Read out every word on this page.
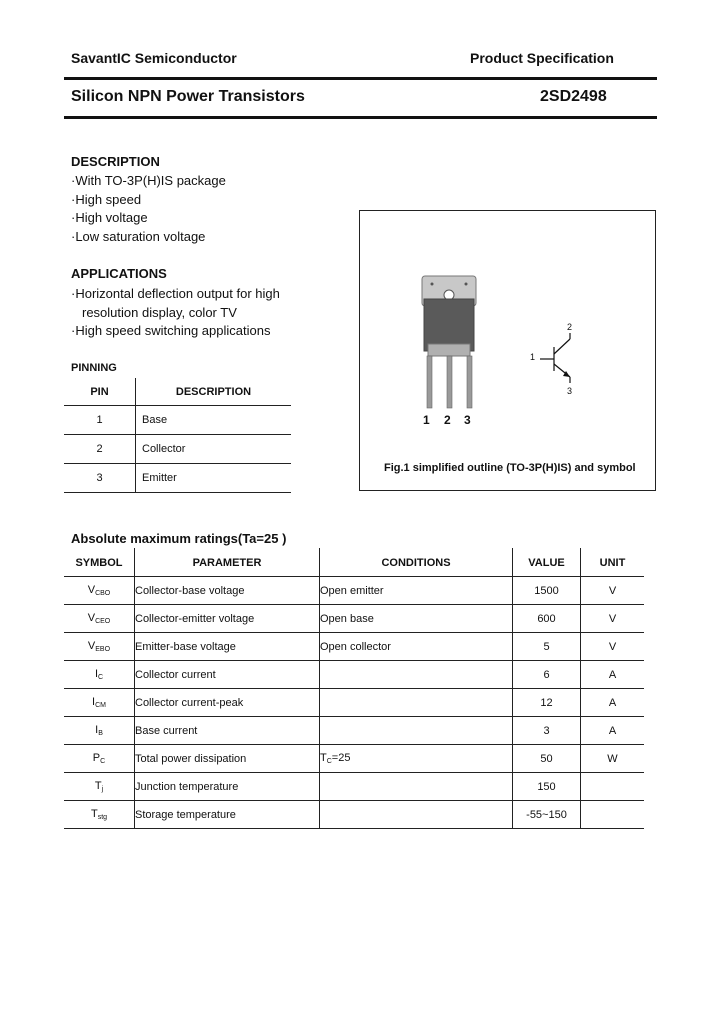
SavantIC Semiconductor	Product Specification
Silicon NPN Power Transistors	2SD2498
DESCRIPTION
·With TO-3P(H)IS package
·High speed
·High voltage
·Low saturation voltage
APPLICATIONS
·Horizontal deflection output for high
resolution display, color TV
·High speed switching applications
PINNING
PIN	DESCRIPTION
1	Base
2	Collector
3	Emitter
1 2 3
1
2
3
Fig.1 simplified outline (TO-3P(H)IS) and symbol
Absolute maximum ratings(Ta=25 )
SYMBOL	PARAMETER	CONDITIONS	VALUE	UNIT
$V_{CBO}$	Collector-base voltage	Open emitter	1500	V
$V_{CEO}$	Collector-emitter voltage	Open base	600	V
$V_{EBO}$	Emitter-base voltage	Open collector	5	V
$I_C$	Collector current		6	A
$I_{CM}$	Collector current-peak		12	A
$I_B$	Base current		3	A
$P_C$	Total power dissipation	$T_C=25$	50	W
$T_j$	Junction temperature		150	
$T_{stg}$	Storage temperature		-55~150	
